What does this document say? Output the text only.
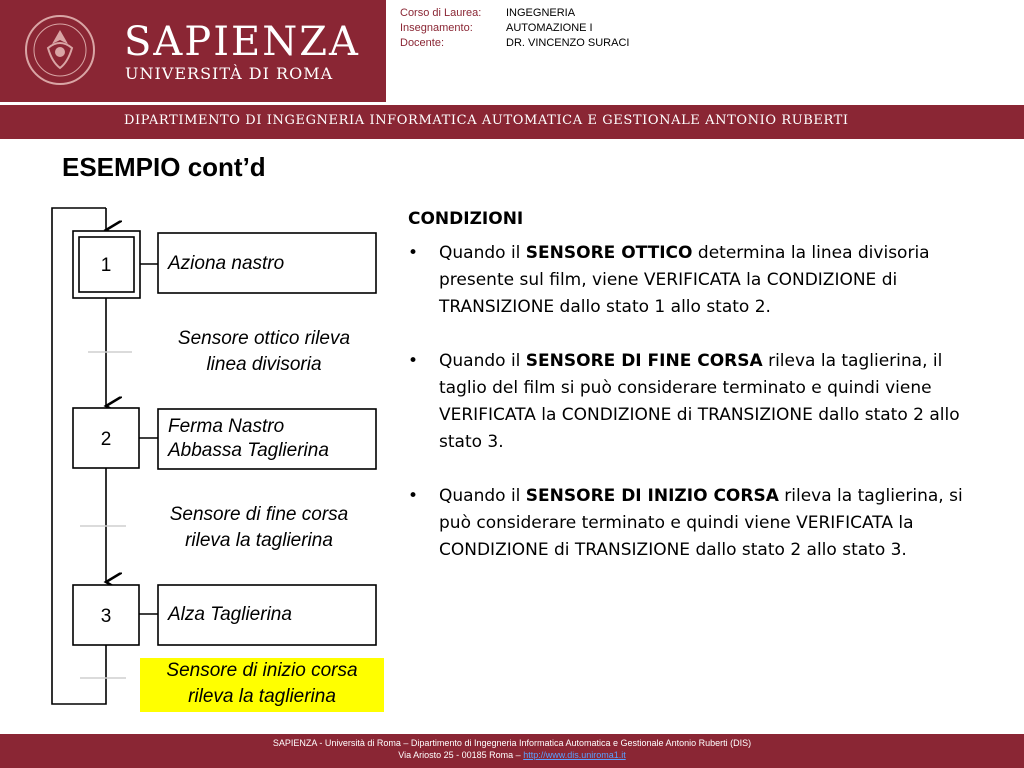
SAPIENZA
UNIVERSITÀ DI ROMA
Corso di Laurea:	INGEGNERIA
Insegnamento:	AUTOMAZIONE I
Docente:	DR. VINCENZO SURACI
DIPARTIMENTO DI INGEGNERIA INFORMATICA AUTOMATICA E GESTIONALE ANTONIO RUBERTI
ESEMPIO cont’d
1
2
3
Aziona nastro
Ferma Nastro
Abbassa Taglierina
Alza Taglierina
Sensore ottico rileva
linea divisoria
Sensore di fine corsa
rileva la taglierina
Sensore di inizio corsa
rileva la taglierina
CONDIZIONI
•	Quando il SENSORE OTTICO determina la linea divisoria presente sul film, viene VERIFICATA la CONDIZIONE di TRANSIZIONE dallo stato 1 allo stato 2.
•	Quando il SENSORE DI FINE CORSA rileva la taglierina, il taglio del film si può considerare terminato e quindi viene VERIFICATA la CONDIZIONE di TRANSIZIONE dallo stato 2 allo stato 3.
•	Quando il SENSORE DI INIZIO CORSA rileva la taglierina, si può considerare terminato e quindi viene VERIFICATA la CONDIZIONE di TRANSIZIONE dallo stato 2 allo stato 3.
SAPIENZA - Università di Roma – Dipartimento di Ingegneria Informatica Automatica e Gestionale Antonio Ruberti (DIS)
Via Ariosto 25 - 00185 Roma – http://www.dis.uniroma1.it
